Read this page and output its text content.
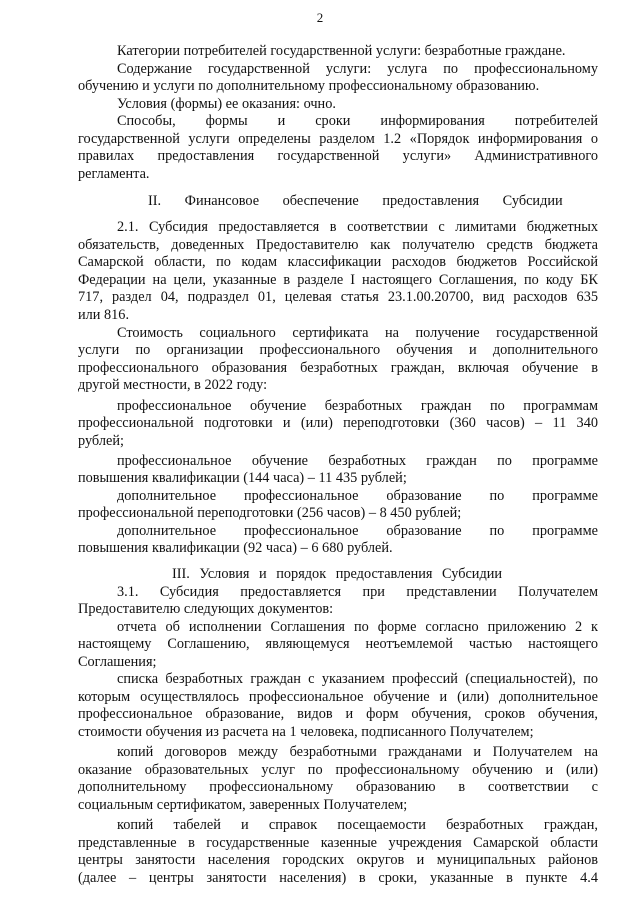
2
Категории потребителей государственной услуги: безработные граждане.
Содержание государственной услуги: услуга по профессиональному
обучению и услуги по дополнительному профессиональному образованию.
Условия (формы) ее оказания: очно.
Способы, формы и сроки информирования потребителей
государственной услуги определены разделом 1.2 «Порядок информирования о
правилах предоставления государственной услуги» Административного
регламента.
II. Финансовое обеспечение предоставления Субсидии
2.1. Субсидия предоставляется в соответствии с лимитами бюджетных
обязательств, доведенных Предоставителю как получателю средств бюджета
Самарской области, по кодам классификации расходов бюджетов Российской
Федерации на цели, указанные в разделе I настоящего Соглашения, по коду БК
717, раздел 04, подраздел 01, целевая статья 23.1.00.20700, вид расходов 635
или 816.
Стоимость социального сертификата на получение государственной
услуги по организации профессионального обучения и дополнительного
профессионального образования безработных граждан, включая обучение в
другой местности, в 2022 году:
профессиональное обучение безработных граждан по программам
профессиональной подготовки и (или) переподготовки (360 часов) – 11 340
рублей;
профессиональное обучение безработных граждан по программе
повышения квалификации (144 часа) – 11 435 рублей;
дополнительное профессиональное образование по программе
профессиональной переподготовки (256 часов) – 8 450 рублей;
дополнительное профессиональное образование по программе
повышения квалификации (92 часа) – 6 680 рублей.
III. Условия и порядок предоставления Субсидии
3.1. Субсидия предоставляется при представлении Получателем
Предоставителю следующих документов:
отчета об исполнении Соглашения по форме согласно приложению 2 к
настоящему Соглашению, являющемуся неотъемлемой частью настоящего
Соглашения;
списка безработных граждан с указанием профессий (специальностей), по
которым осуществлялось профессиональное обучение и (или) дополнительное
профессиональное образование, видов и форм обучения, сроков обучения,
стоимости обучения из расчета на 1 человека, подписанного Получателем;
копий договоров между безработными гражданами и Получателем на
оказание образовательных услуг по профессиональному обучению и (или)
дополнительному профессиональному образованию в соответствии с
социальным сертификатом, заверенных Получателем;
копий табелей и справок посещаемости безработных граждан,
представленные в государственные казенные учреждения Самарской области
центры занятости населения городских округов и муниципальных районов
(далее – центры занятости населения) в сроки, указанные в пункте 4.4
